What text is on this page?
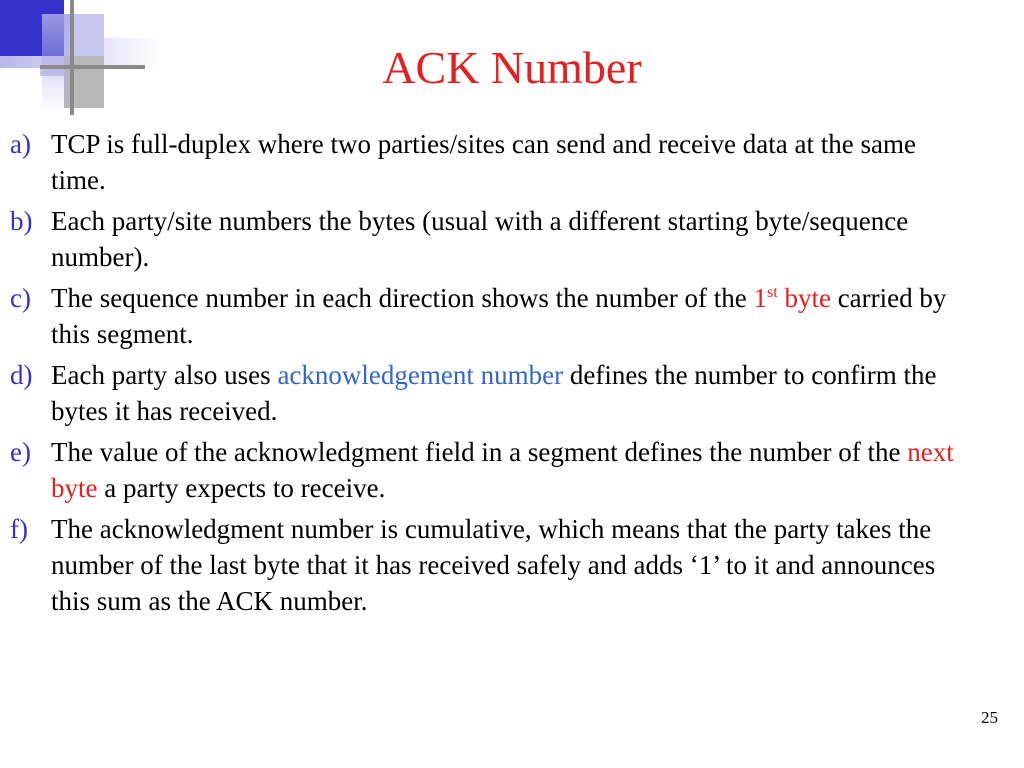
ACK Number
a) TCP is full-duplex where two parties/sites can send and receive data at the same time.
b) Each party/site numbers the bytes (usual with a different starting byte/sequence number).
c) The sequence number in each direction shows the number of the 1st byte carried by this segment.
d) Each party also uses acknowledgement number defines the number to confirm the bytes it has received.
e) The value of the acknowledgment field in a segment defines the number of the next byte a party expects to receive.
f) The acknowledgment number is cumulative, which means that the party takes the number of the last byte that it has received safely and adds ‘1’ to it and announces this sum as the ACK number.
25
